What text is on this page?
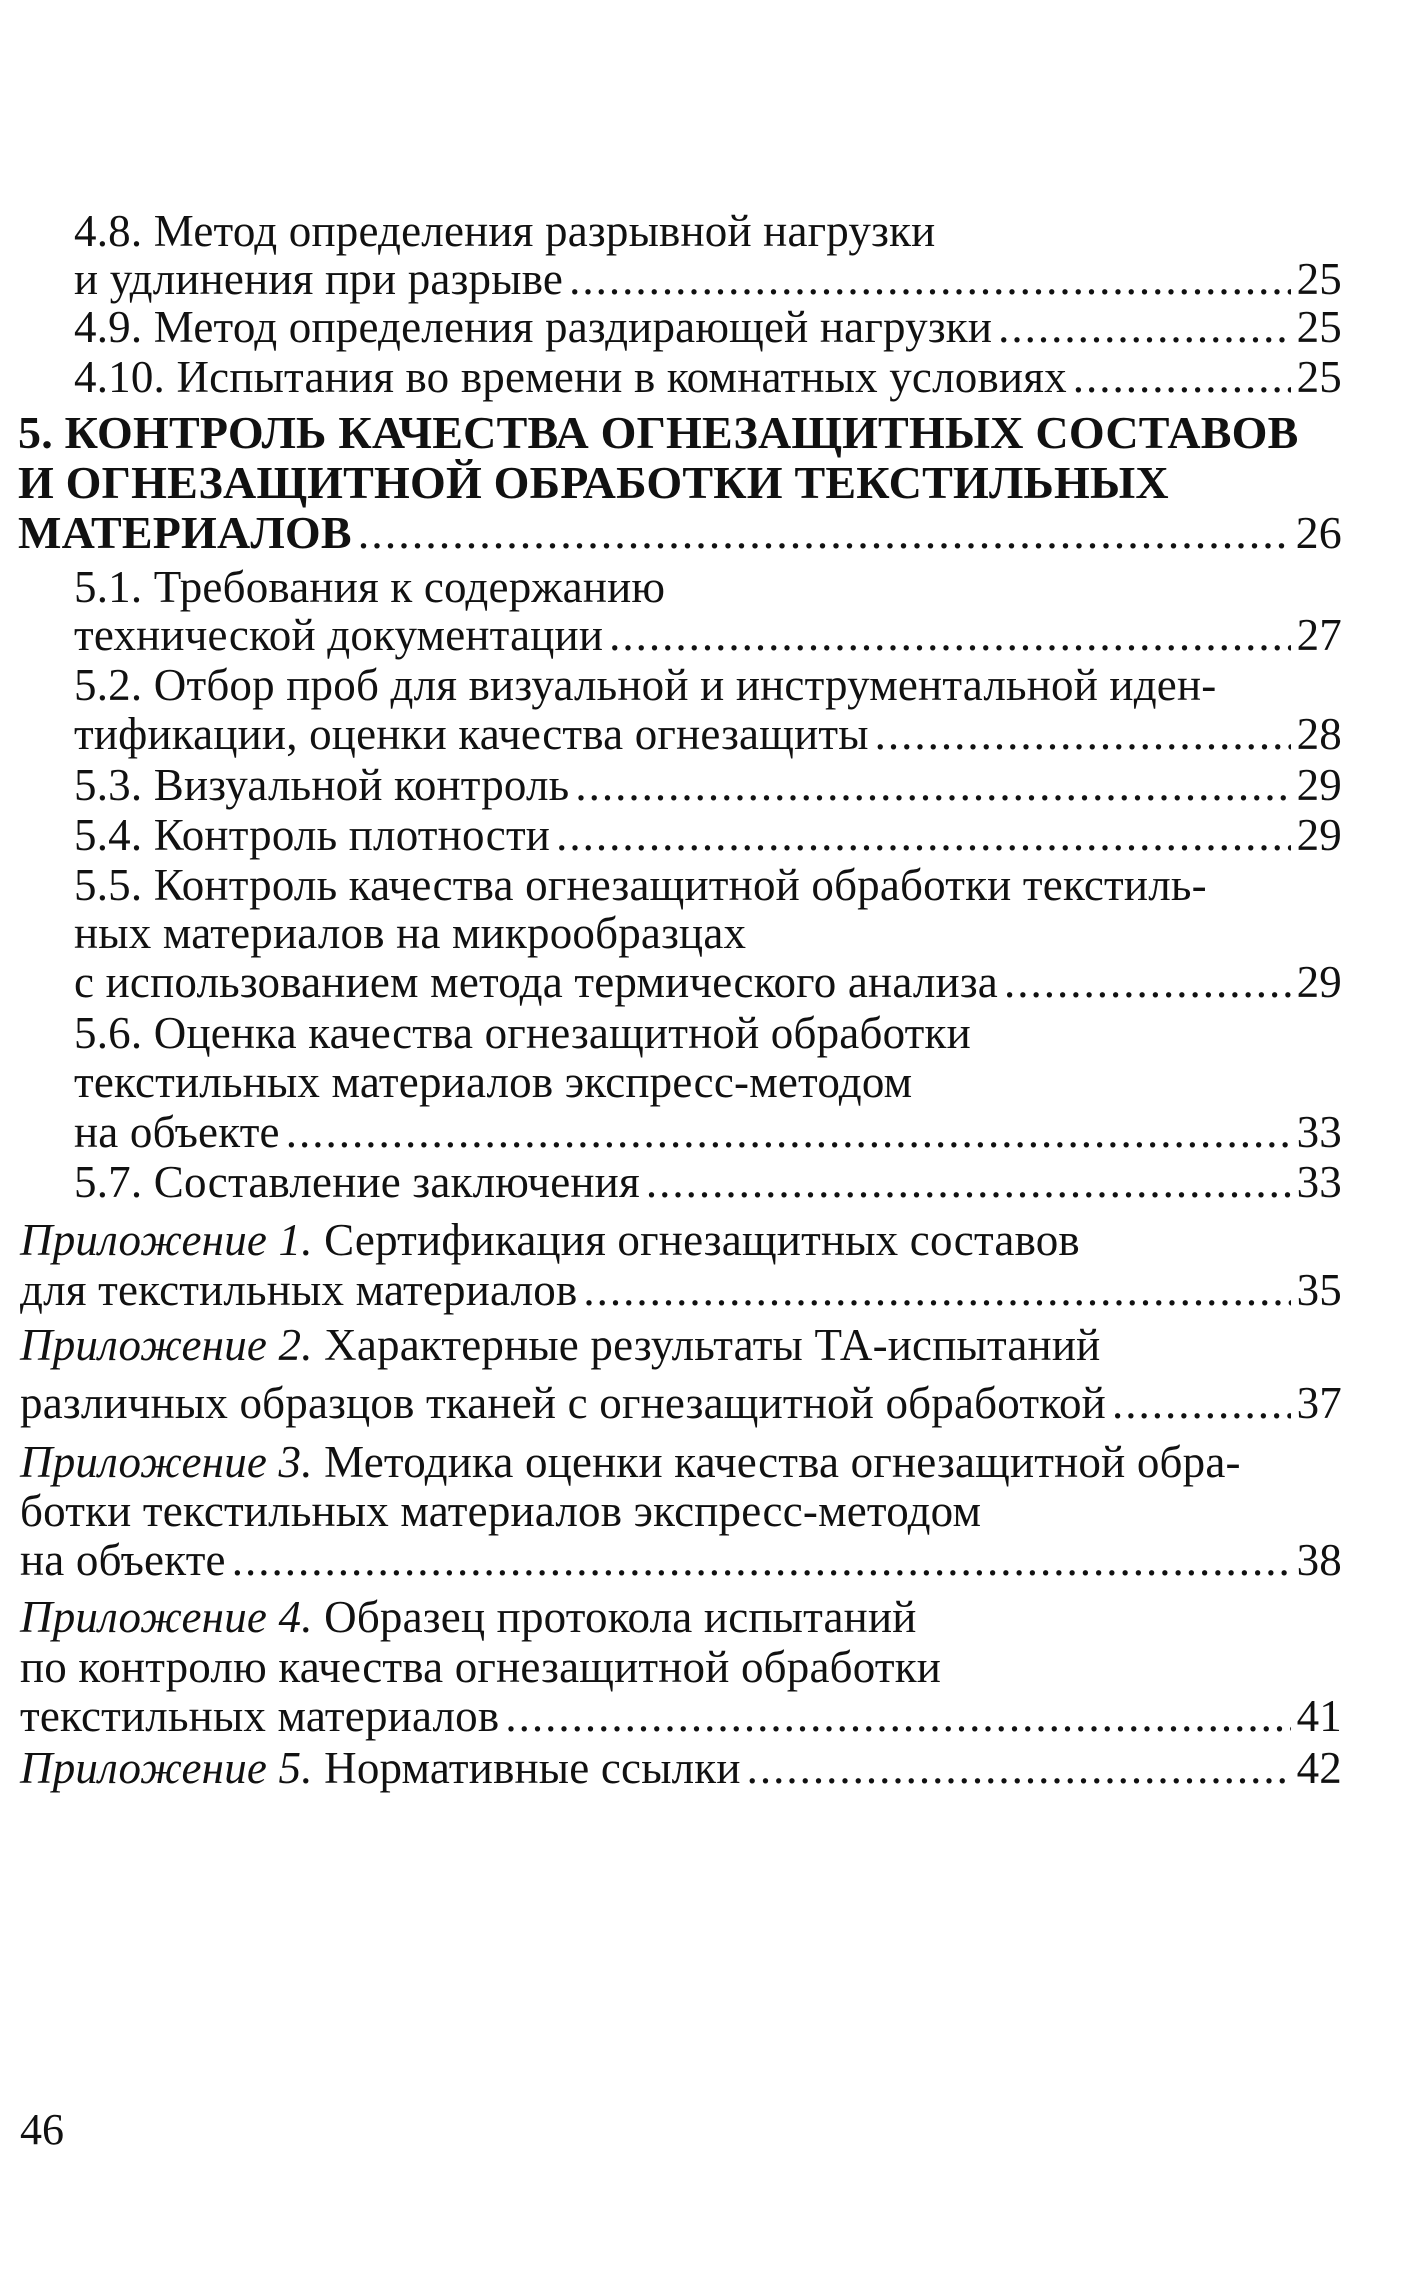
4.8. Метод определения разрывной нагрузки
и удлинения при разрыве .....	25
4.9. Метод определения раздирающей нагрузки .....	25
4.10. Испытания во времени в комнатных условиях .....	25
5. КОНТРОЛЬ КАЧЕСТВА ОГНЕЗАЩИТНЫХ СОСТАВОВ
И ОГНЕЗАЩИТНОЙ ОБРАБОТКИ ТЕКСТИЛЬНЫХ
МАТЕРИАЛОВ .....	26
5.1. Требования к содержанию
технической документации .....	27
5.2. Отбор проб для визуальной и инструментальной иден-
тификации, оценки качества огнезащиты .....	28
5.3. Визуальной контроль .....	29
5.4. Контроль плотности .....	29
5.5. Контроль качества огнезащитной обработки текстиль-
ных материалов на микрообразцах
с использованием метода термического анализа .....	29
5.6. Оценка качества огнезащитной обработки
текстильных материалов экспресс-методом
на объекте .....	33
5.7. Составление заключения .....	33
Приложение 1. Сертификация огнезащитных составов
для текстильных материалов .....	35
Приложение 2. Характерные результаты ТА-испытаний
различных образцов тканей с огнезащитной обработкой .....	37
Приложение 3. Методика оценки качества огнезащитной обра-
ботки текстильных материалов экспресс-методом
на объекте .....	38
Приложение 4. Образец протокола испытаний
по контролю качества огнезащитной обработки
текстильных материалов .....	41
Приложение 5. Нормативные ссылки .....	42
46
